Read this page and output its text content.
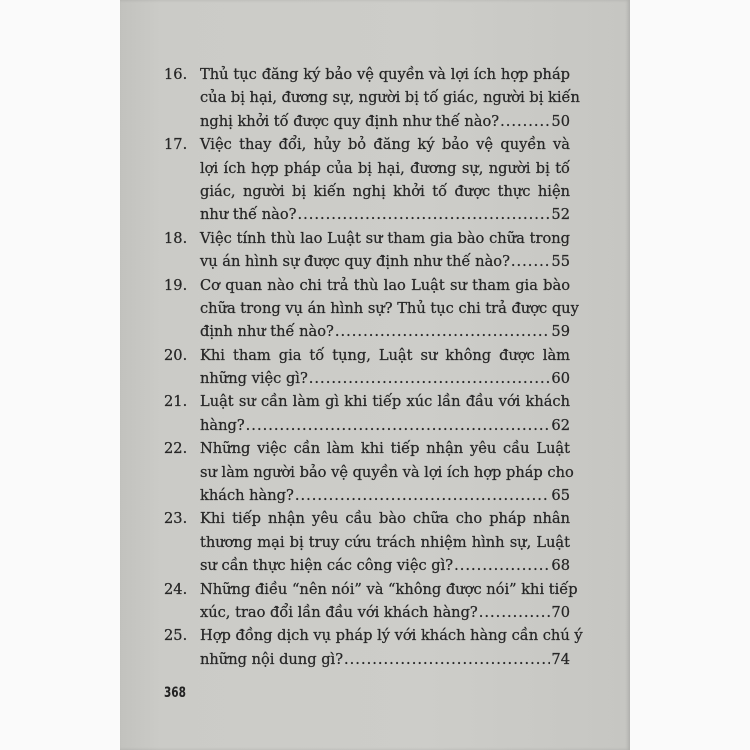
16. Thủ tục đăng ký bảo vệ quyền và lợi ích hợp pháp
của bị hại, đương sự, người bị tố giác, người bị kiến
nghị khởi tố được quy định như thế nào? .....	50
17. Việc thay đổi, hủy bỏ đăng ký bảo vệ quyền và
lợi ích hợp pháp của bị hại, đương sự, người bị tố
giác, người bị kiến nghị khởi tố được thực hiện
như thế nào? .....	52
18. Việc tính thù lao Luật sư tham gia bào chữa trong
vụ án hình sự được quy định như thế nào? .....	55
19. Cơ quan nào chi trả thù lao Luật sư tham gia bào
chữa trong vụ án hình sự? Thủ tục chi trả được quy
định như thế nào? .....	59
20. Khi tham gia tố tụng, Luật sư không được làm
những việc gì? .....	60
21. Luật sư cần làm gì khi tiếp xúc lần đầu với khách
hàng? .....	62
22. Những việc cần làm khi tiếp nhận yêu cầu Luật
sư làm người bảo vệ quyền và lợi ích hợp pháp cho
khách hàng? .....	65
23. Khi tiếp nhận yêu cầu bào chữa cho pháp nhân
thương mại bị truy cứu trách nhiệm hình sự, Luật
sư cần thực hiện các công việc gì? .....	68
24. Những điều “nên nói” và “không được nói” khi tiếp
xúc, trao đổi lần đầu với khách hàng? .....	70
25. Hợp đồng dịch vụ pháp lý với khách hàng cần chú ý
những nội dung gì? .....	74
368
